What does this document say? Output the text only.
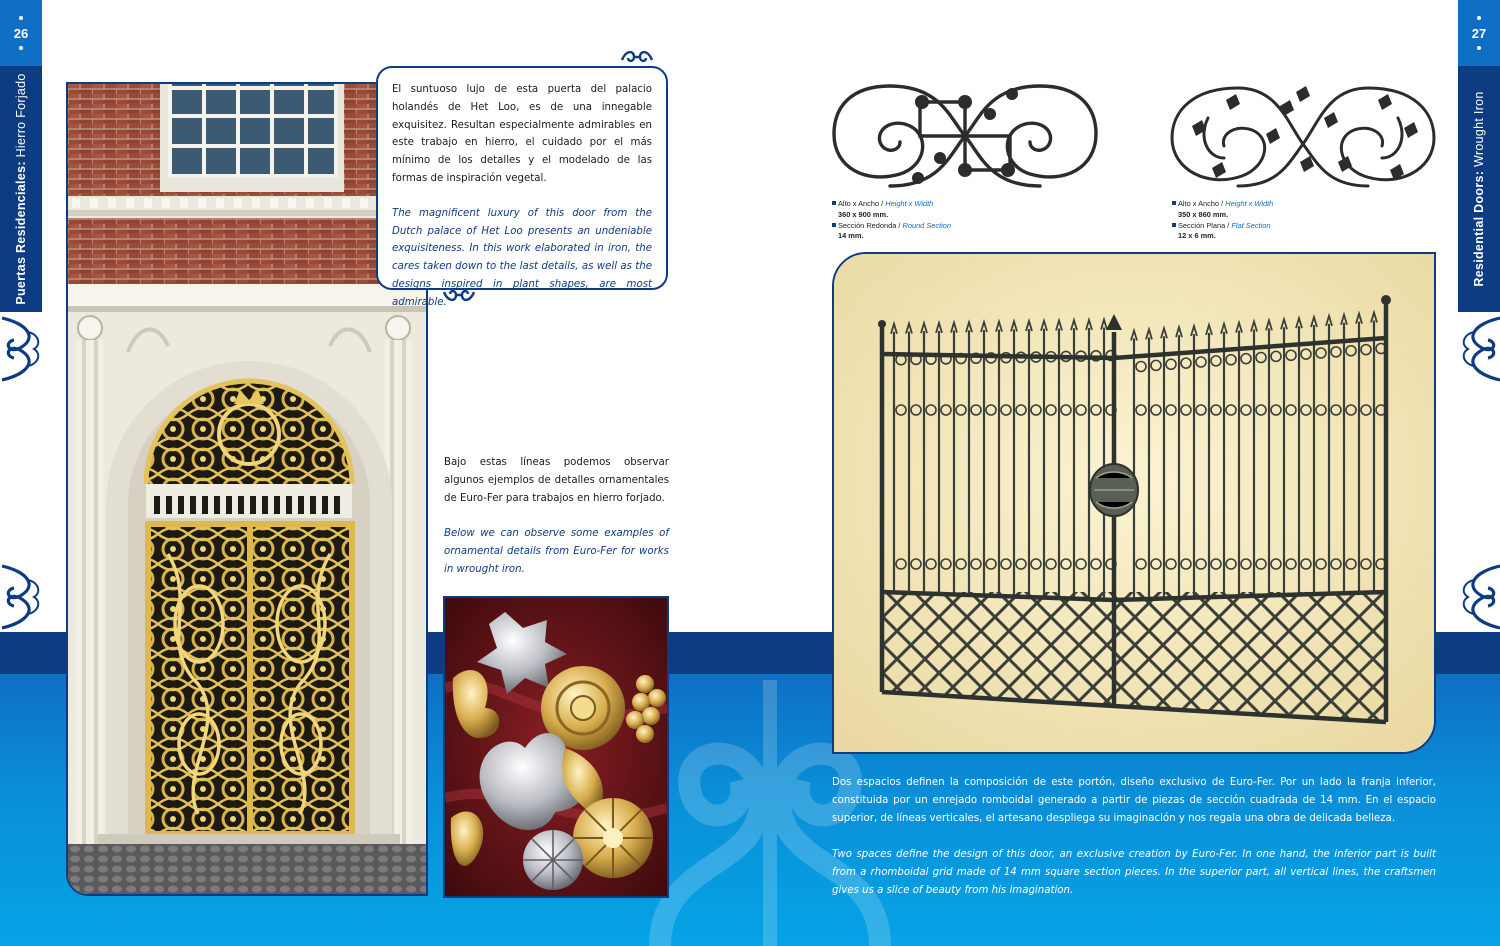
26
Puertas Residenciales: Hierro Forjado
27
Residential Doors: Wrought Iron

El suntuoso lujo de esta puerta del palacio holandés de Het Loo, es de una innegable exquisitez. Resultan especialmente admirables en este trabajo en hierro, el cuidado por el más mínimo de los detalles y el modelado de las formas de inspiración vegetal.

The magnificent luxury of this door from the Dutch palace of Het Loo presents an undeniable exquisiteness. In this work elaborated in iron, the cares taken down to the last details, as well as the designs inspired in plant shapes, are most admirable.

Bajo estas líneas podemos observar algunos ejemplos de detalles ornamentales de Euro-Fer para trabajos en hierro forjado.

Below we can observe some examples of ornamental details from Euro-Fer for works in wrought iron.

Alto x Ancho / Height x Width
360 x 900 mm.
Sección Redonda / Round Section
14 mm.
Alto x Ancho / Height x Width
350 x 860 mm.
Sección Plana / Flat Section
12 x 6 mm.

Dos espacios definen la composición de este portón, diseño exclusivo de Euro-Fer. Por un lado la franja inferior, constituida por un enrejado romboidal generado a partir de piezas de sección cuadrada de 14 mm. En el espacio superior, de líneas verticales, el artesano despliega su imaginación y nos regala una obra de delicada belleza.

Two spaces define the design of this door, an exclusive creation by Euro-Fer. In one hand, the inferior part is built from a rhomboidal grid made of 14 mm square section pieces. In the superior part, all vertical lines, the craftsmen gives us a slice of beauty from his imagination.
